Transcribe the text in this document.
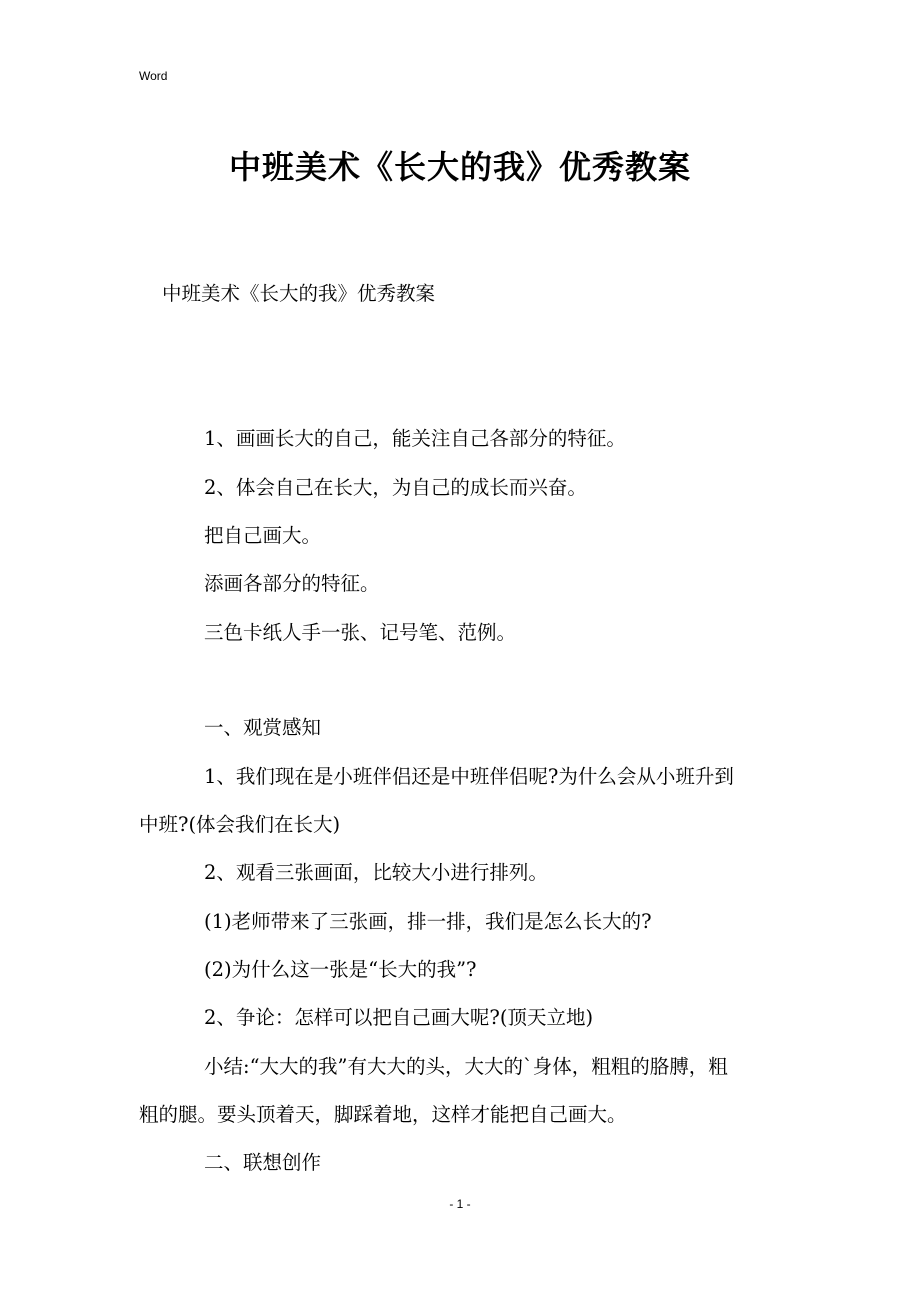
Word
中班美术《长大的我》优秀教案
中班美术《长大的我》优秀教案
1、画画长大的自己，能关注自己各部分的特征。
2、体会自己在长大，为自己的成长而兴奋。
把自己画大。
添画各部分的特征。
三色卡纸人手一张、记号笔、范例。
一、观赏感知
1、我们现在是小班伴侣还是中班伴侣呢?为什么会从小班升到
中班?(体会我们在长大)
2、观看三张画面，比较大小进行排列。
(1)老师带来了三张画，排一排，我们是怎么长大的?
(2)为什么这一张是“长大的我”?
2、争论：怎样可以把自己画大呢?(顶天立地)
小结:“大大的我”有大大的头，大大的`身体，粗粗的胳膊，粗
粗的腿。要头顶着天，脚踩着地，这样才能把自己画大。
二、联想创作
- 1 -
